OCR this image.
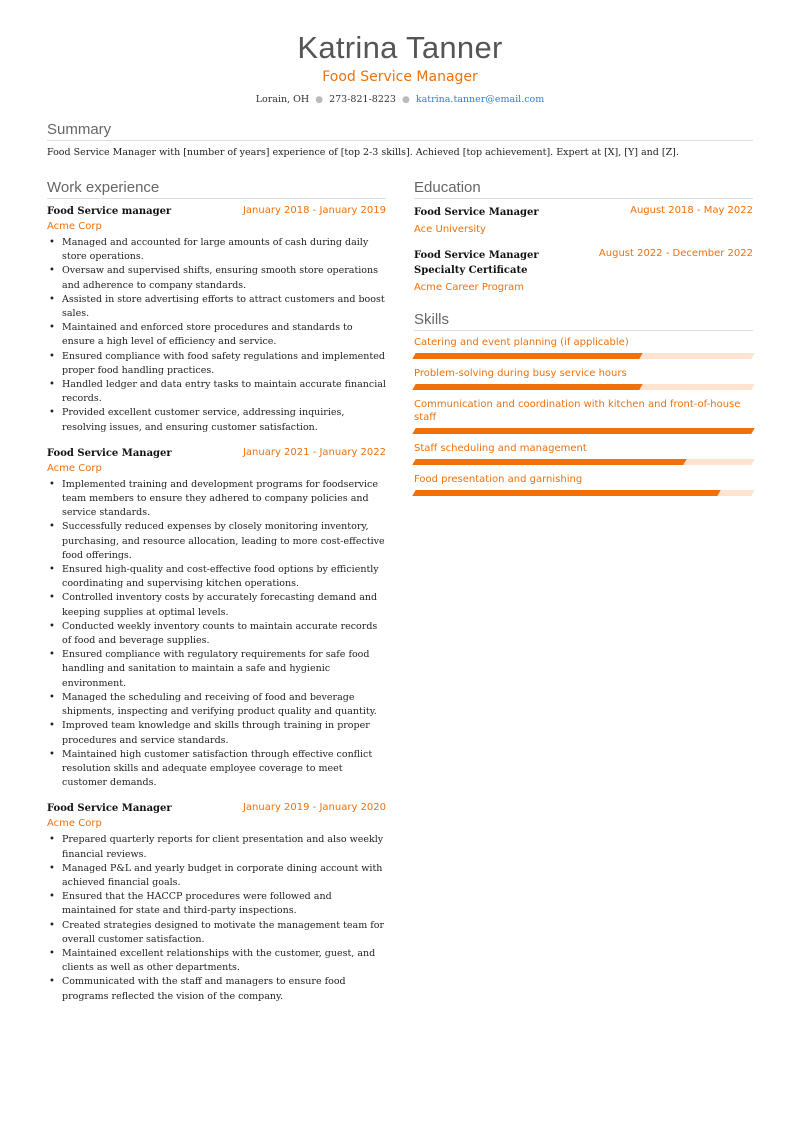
Katrina Tanner
Food Service Manager
Lorain, OH ● 273-821-8223 ● katrina.tanner@email.com
Summary

Food Service Manager with [number of years] experience of [top 2-3 skills]. Achieved [top achievement]. Expert at [X], [Y] and [Z].

Work experience
Food Service manager	January 2018 - January 2019
Acme Corp
• Managed and accounted for large amounts of cash during daily store operations.
• Oversaw and supervised shifts, ensuring smooth store operations and adherence to company standards.
• Assisted in store advertising efforts to attract customers and boost sales.
• Maintained and enforced store procedures and standards to ensure a high level of efficiency and service.
• Ensured compliance with food safety regulations and implemented proper food handling practices.
• Handled ledger and data entry tasks to maintain accurate financial records.
• Provided excellent customer service, addressing inquiries, resolving issues, and ensuring customer satisfaction.
Food Service Manager	January 2021 - January 2022
Acme Corp
• Implemented training and development programs for foodservice team members to ensure they adhered to company policies and service standards.
• Successfully reduced expenses by closely monitoring inventory, purchasing, and resource allocation, leading to more cost-effective food offerings.
• Ensured high-quality and cost-effective food options by efficiently coordinating and supervising kitchen operations.
• Controlled inventory costs by accurately forecasting demand and keeping supplies at optimal levels.
• Conducted weekly inventory counts to maintain accurate records of food and beverage supplies.
• Ensured compliance with regulatory requirements for safe food handling and sanitation to maintain a safe and hygienic environment.
• Managed the scheduling and receiving of food and beverage shipments, inspecting and verifying product quality and quantity.
• Improved team knowledge and skills through training in proper procedures and service standards.
• Maintained high customer satisfaction through effective conflict resolution skills and adequate employee coverage to meet customer demands.
Food Service Manager	January 2019 - January 2020
Acme Corp
• Prepared quarterly reports for client presentation and also weekly financial reviews.
• Managed P&L and yearly budget in corporate dining account with achieved financial goals.
• Ensured that the HACCP procedures were followed and maintained for state and third-party inspections.
• Created strategies designed to motivate the management team for overall customer satisfaction.
• Maintained excellent relationships with the customer, guest, and clients as well as other departments.
• Communicated with the staff and managers to ensure food programs reflected the vision of the company.
Education
Food Service Manager	August 2018 - May 2022
Ace University
Food Service Manager Specialty Certificate
August 2022 - December 2022
Acme Career Program
Skills
Catering and event planning (if applicable)
Problem-solving during busy service hours
Communication and coordination with kitchen and front-of-house staff
Staff scheduling and management
Food presentation and garnishing
